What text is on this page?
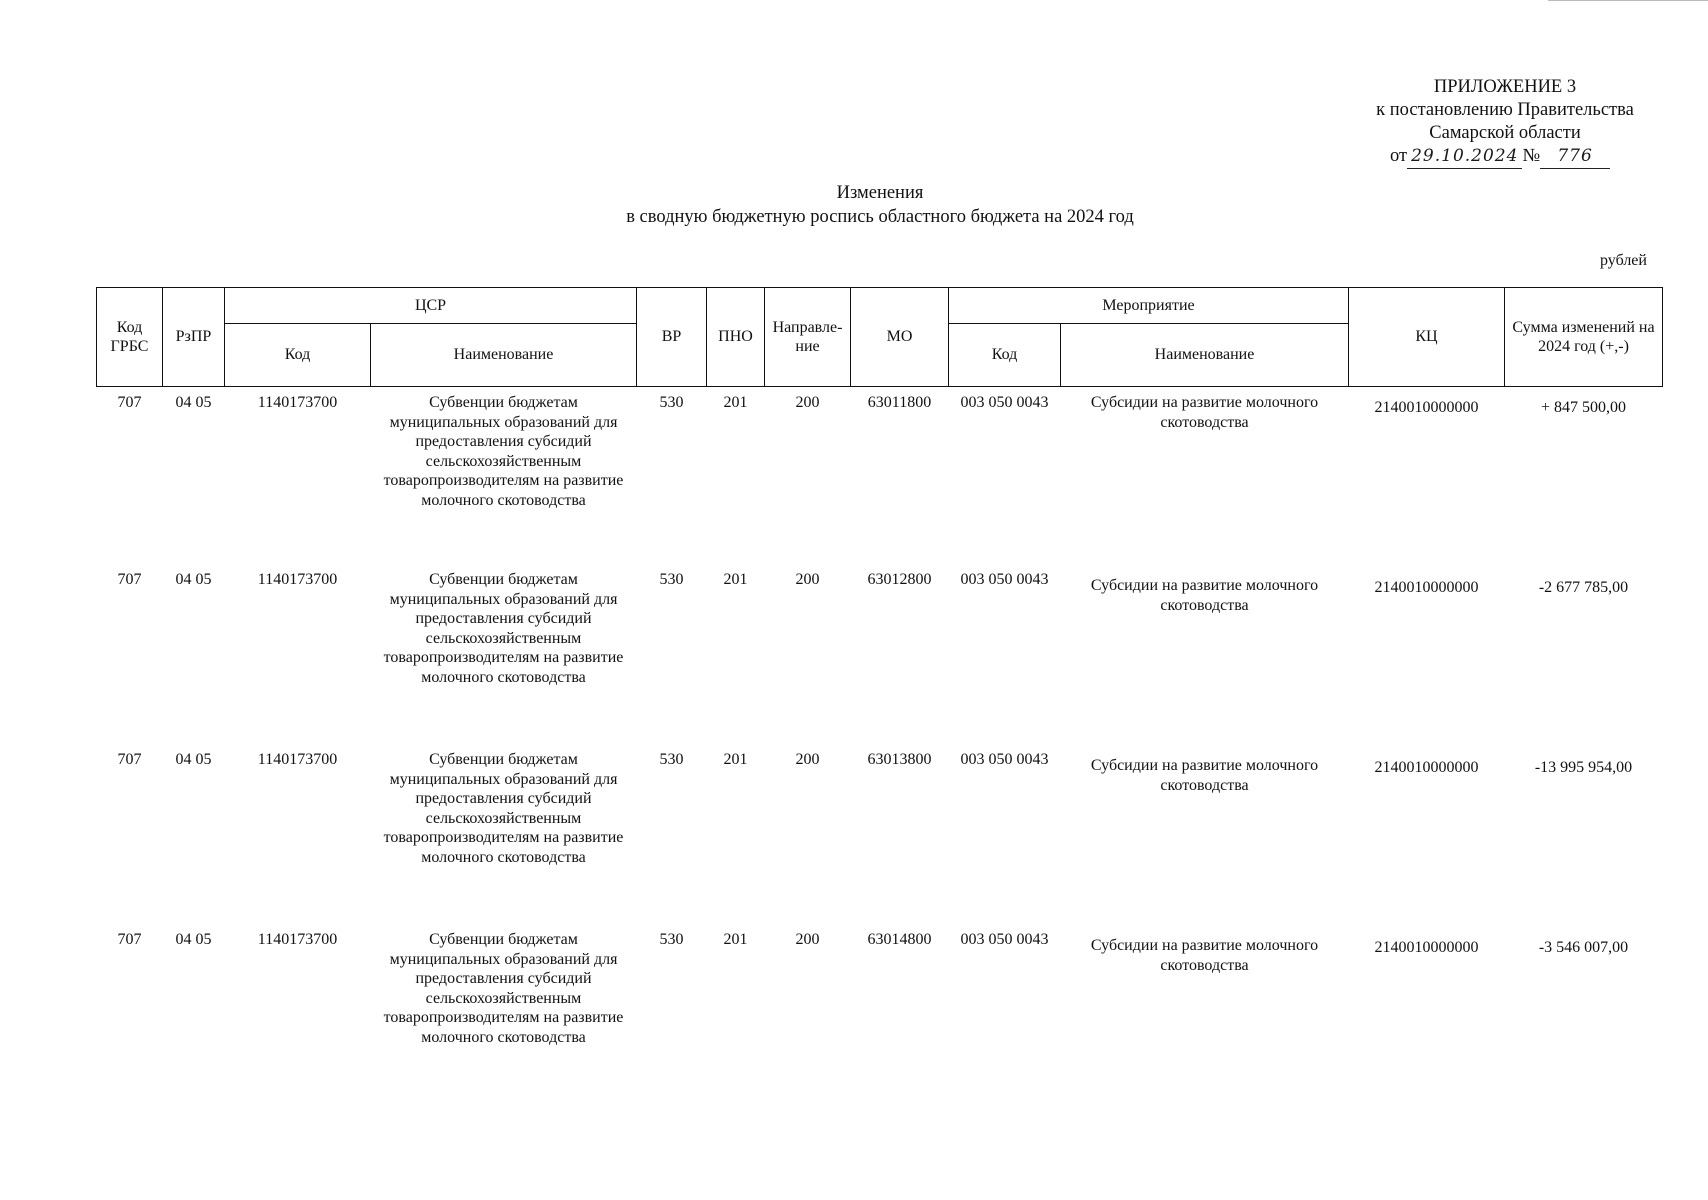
ПРИЛОЖЕНИЕ 3
к постановлению Правительства
Самарской области
от 29.10.2024 № 776
Изменения
в сводную бюджетную роспись областного бюджета на 2024 год
рублей
Код ГРБС	РзПР	ЦСР		ВР	ПНО	Направле-ние	МО	Мероприятие		КЦ	Сумма изменений на 2024 год (+,-)
		Код	Наименование					Код	Наименование		
707	04 05	1140173700	Субвенции бюджетам муниципальных образований для предоставления субсидий сельскохозяйственным товаропроизводителям на развитие молочного скотоводства	530	201	200	63011800	003 050 0043	Субсидии на развитие молочного скотоводства	2140010000000	+ 847 500,00
707	04 05	1140173700	Субвенции бюджетам муниципальных образований для предоставления субсидий сельскохозяйственным товаропроизводителям на развитие молочного скотоводства	530	201	200	63012800	003 050 0043	Субсидии на развитие молочного скотоводства	2140010000000	-2 677 785,00
707	04 05	1140173700	Субвенции бюджетам муниципальных образований для предоставления субсидий сельскохозяйственным товаропроизводителям на развитие молочного скотоводства	530	201	200	63013800	003 050 0043	Субсидии на развитие молочного скотоводства	2140010000000	-13 995 954,00
707	04 05	1140173700	Субвенции бюджетам муниципальных образований для предоставления субсидий сельскохозяйственным товаропроизводителям на развитие молочного скотоводства	530	201	200	63014800	003 050 0043	Субсидии на развитие молочного скотоводства	2140010000000	-3 546 007,00
